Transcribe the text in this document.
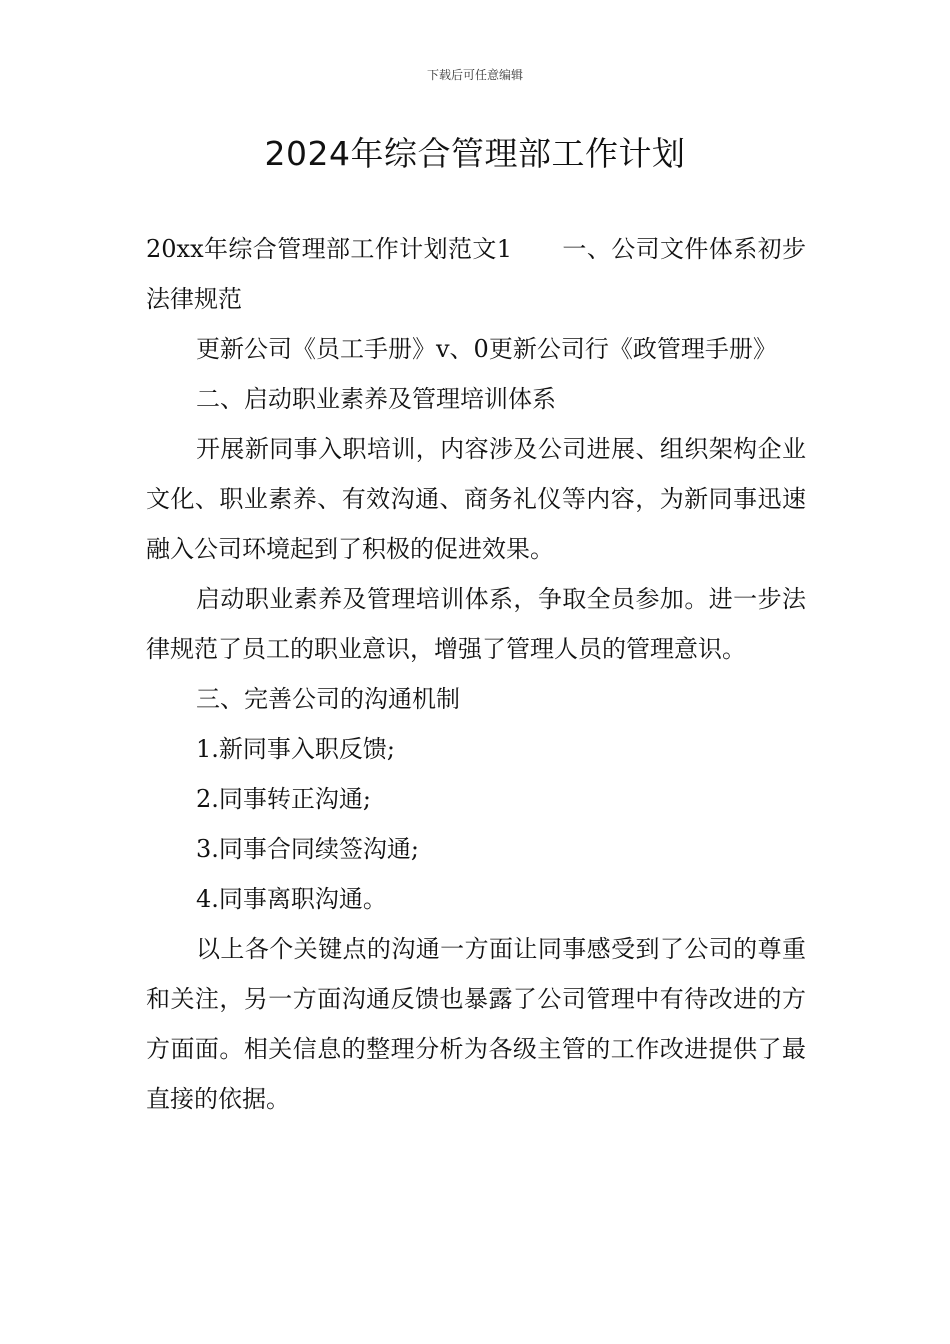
下载后可任意编辑
2024年综合管理部工作计划

20xx年综合管理部工作计划范文1 一、公司文件体系初步法律规范

更新公司《员工手册》v、0更新公司行《政管理手册》

二、启动职业素养及管理培训体系

开展新同事入职培训，内容涉及公司进展、组织架构企业文化、职业素养、有效沟通、商务礼仪等内容，为新同事迅速融入公司环境起到了积极的促进效果。

启动职业素养及管理培训体系，争取全员参加。进一步法律规范了员工的职业意识，增强了管理人员的管理意识。

三、完善公司的沟通机制

1.新同事入职反馈;

2.同事转正沟通;

3.同事合同续签沟通;

4.同事离职沟通。

以上各个关键点的沟通一方面让同事感受到了公司的尊重和关注，另一方面沟通反馈也暴露了公司管理中有待改进的方方面面。相关信息的整理分析为各级主管的工作改进提供了最直接的依据。
